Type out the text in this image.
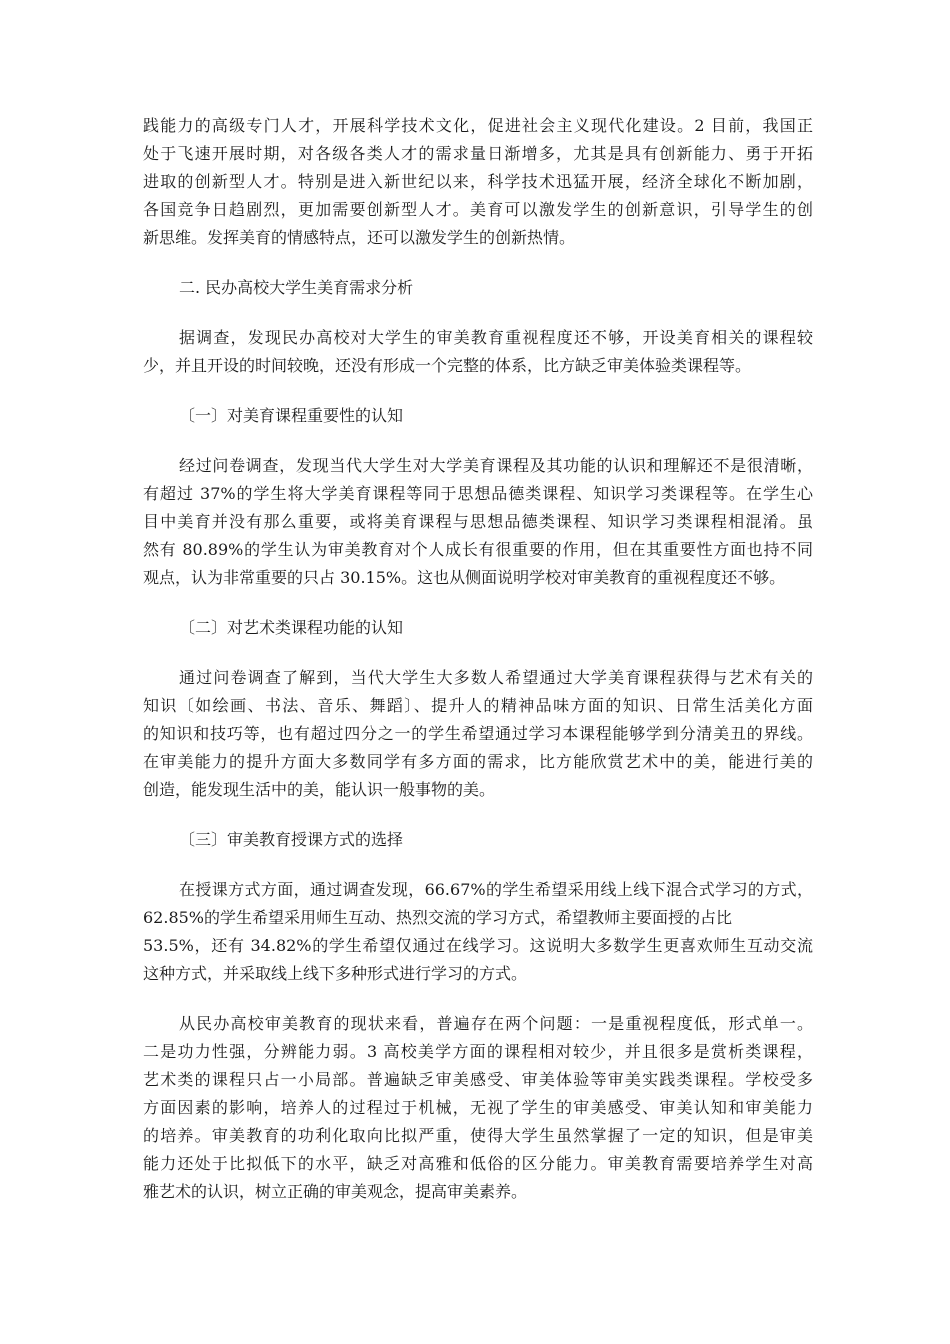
践能力的高级专门人才，开展科学技术文化，促进社会主义现代化建设。2 目前，我国正
处于飞速开展时期，对各级各类人才的需求量日渐增多，尤其是具有创新能力、勇于开拓
进取的创新型人才。特别是进入新世纪以来，科学技术迅猛开展，经济全球化不断加剧，
各国竞争日趋剧烈，更加需要创新型人才。美育可以激发学生的创新意识，引导学生的创
新思维。发挥美育的情感特点，还可以激发学生的创新热情。
二. 民办高校大学生美育需求分析
据调查，发现民办高校对大学生的审美教育重视程度还不够，开设美育相关的课程较
少，并且开设的时间较晚，还没有形成一个完整的体系，比方缺乏审美体验类课程等。
〔一〕对美育课程重要性的认知
经过问卷调查，发现当代大学生对大学美育课程及其功能的认识和理解还不是很清晰，
有超过 37%的学生将大学美育课程等同于思想品德类课程、知识学习类课程等。在学生心
目中美育并没有那么重要，或将美育课程与思想品德类课程、知识学习类课程相混淆。虽
然有 80.89%的学生认为审美教育对个人成长有很重要的作用，但在其重要性方面也持不同
观点，认为非常重要的只占 30.15%。这也从侧面说明学校对审美教育的重视程度还不够。
〔二〕对艺术类课程功能的认知
通过问卷调查了解到，当代大学生大多数人希望通过大学美育课程获得与艺术有关的
知识〔如绘画、书法、音乐、舞蹈〕、提升人的精神品味方面的知识、日常生活美化方面
的知识和技巧等，也有超过四分之一的学生希望通过学习本课程能够学到分清美丑的界线。
在审美能力的提升方面大多数同学有多方面的需求，比方能欣赏艺术中的美，能进行美的
创造，能发现生活中的美，能认识一般事物的美。
〔三〕审美教育授课方式的选择
在授课方式方面，通过调查发现，66.67%的学生希望采用线上线下混合式学习的方式，
62.85%的学生希望采用师生互动、热烈交流的学习方式，希望教师主要面授的占比
53.5%，还有 34.82%的学生希望仅通过在线学习。这说明大多数学生更喜欢师生互动交流
这种方式，并采取线上线下多种形式进行学习的方式。
从民办高校审美教育的现状来看，普遍存在两个问题：一是重视程度低，形式单一。
二是功力性强，分辨能力弱。3 高校美学方面的课程相对较少，并且很多是赏析类课程，
艺术类的课程只占一小局部。普遍缺乏审美感受、审美体验等审美实践类课程。学校受多
方面因素的影响，培养人的过程过于机械，无视了学生的审美感受、审美认知和审美能力
的培养。审美教育的功利化取向比拟严重，使得大学生虽然掌握了一定的知识，但是审美
能力还处于比拟低下的水平，缺乏对高雅和低俗的区分能力。审美教育需要培养学生对高
雅艺术的认识，树立正确的审美观念，提高审美素养。
